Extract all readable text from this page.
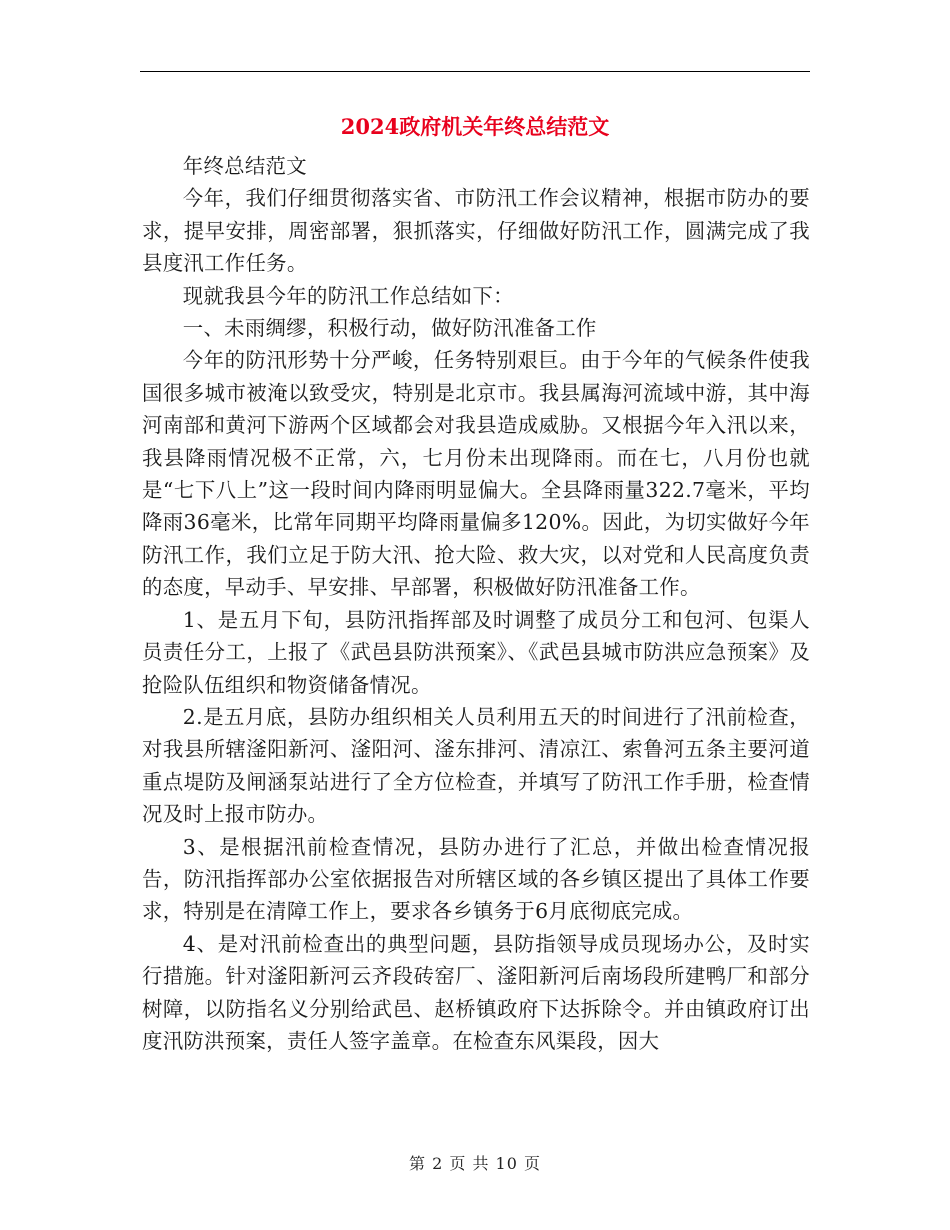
2024政府机关年终总结范文

年终总结范文

今年，我们仔细贯彻落实省、市防汛工作会议精神，根据市防办的要求，提早安排，周密部署，狠抓落实，仔细做好防汛工作，圆满完成了我县度汛工作任务。

现就我县今年的防汛工作总结如下：

一、未雨绸缪，积极行动，做好防汛准备工作

今年的防汛形势十分严峻，任务特别艰巨。由于今年的气候条件使我国很多城市被淹以致受灾，特别是北京市。我县属海河流域中游，其中海河南部和黄河下游两个区域都会对我县造成威胁。又根据今年入汛以来，我县降雨情况极不正常，六，七月份未出现降雨。而在七，八月份也就是“七下八上”这一段时间内降雨明显偏大。全县降雨量322.7毫米，平均降雨36毫米，比常年同期平均降雨量偏多120%。因此，为切实做好今年防汛工作，我们立足于防大汛、抢大险、救大灾，以对党和人民高度负责的态度，早动手、早安排、早部署，积极做好防汛准备工作。

1、是五月下旬，县防汛指挥部及时调整了成员分工和包河、包渠人员责任分工，上报了《武邑县防洪预案》、《武邑县城市防洪应急预案》及抢险队伍组织和物资储备情况。

2.是五月底，县防办组织相关人员利用五天的时间进行了汛前检查，对我县所辖滏阳新河、滏阳河、滏东排河、清凉江、索鲁河五条主要河道重点堤防及闸涵泵站进行了全方位检查，并填写了防汛工作手册，检查情况及时上报市防办。

3、是根据汛前检查情况，县防办进行了汇总，并做出检查情况报告，防汛指挥部办公室依据报告对所辖区域的各乡镇区提出了具体工作要求，特别是在清障工作上，要求各乡镇务于6月底彻底完成。

4、是对汛前检查出的典型问题，县防指领导成员现场办公，及时实行措施。针对滏阳新河云齐段砖窑厂、滏阳新河后南场段所建鸭厂和部分树障，以防指名义分别给武邑、赵桥镇政府下达拆除令。并由镇政府订出度汛防洪预案，责任人签字盖章。在检查东风渠段，因大

第 2 页 共 10 页
